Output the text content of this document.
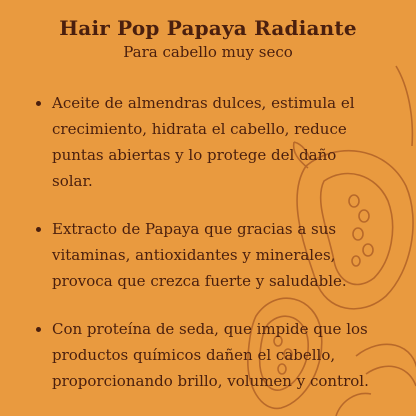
Hair Pop Papaya Radiante

Para cabello muy seco

Aceite de almendras dulces, estimula el crecimiento, hidrata el cabello, reduce puntas abiertas y lo protege del daño solar.
Extracto de Papaya que gracias a sus vitaminas, antioxidantes y minerales, provoca que crezca fuerte y saludable.
Con proteína de seda, que impide que los productos químicos dañen el cabello, proporcionando brillo, volumen y control.
